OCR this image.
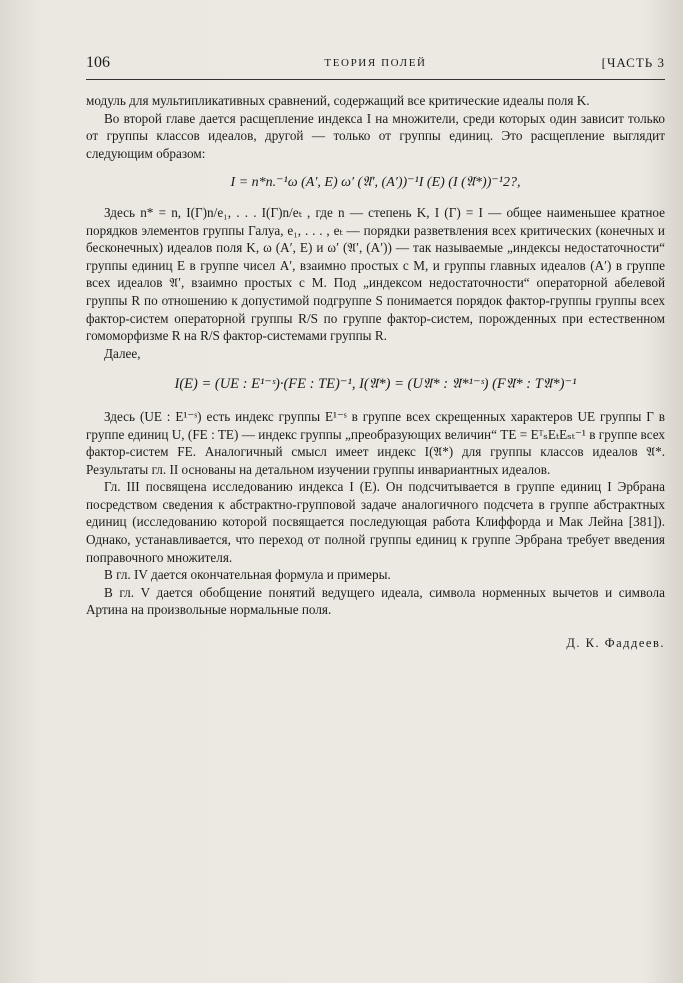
106	ТЕОРИЯ ПОЛЕЙ	[ЧАСТЬ 3

модуль для мультипликативных сравнений, содержащий все критические идеалы поля K.

Во второй главе дается расщепление индекса I на множители, среди которых один зависит только от группы классов идеалов, другой — только от группы единиц. Это расщепление выглядит следующим образом:

I = n*n.⁻¹ω (A′, E) ω′ (𝔄′, (A′))⁻¹I (E) (I (𝔄*))⁻¹2?,

Здесь n* = n, I(Γ)n/e₁, . . . I(Γ)n/eₜ , где n — степень K, I (Γ) = I — общее наименьшее кратное порядков элементов группы Галуа, e₁, . . . , eₜ — порядки разветвления всех критических (конечных и бесконечных) идеалов поля K, ω (A′, E) и ω′ (𝔄′, (A′)) — так называемые „индексы недостаточности“ группы единиц E в группе чисел A′, взаимно простых с M, и группы главных идеалов (A′) в группе всех идеалов 𝔄′, взаимно простых с M. Под „индексом недостаточности“ операторной абелевой группы R по отношению к допустимой подгруппе S понимается порядок фактор-группы группы всех фактор-систем операторной группы R/S по группе фактор-систем, порожденных при естественном гомоморфизме R на R/S фактор-системами группы R.

Далее,

I(E) = (UE : E¹⁻ˢ)·(FE : TE)⁻¹, I(𝔄*) = (U𝔄* : 𝔄*¹⁻ˢ) (F𝔄* : T𝔄*)⁻¹

Здесь (UE : E¹⁻ˢ) есть индекс группы E¹⁻ˢ в группе всех скрещенных характеров UE группы Γ в группе единиц U, (FE : TE) — индекс группы „преобразующих величин“ TE = EᵀₛEₜEₛₜ⁻¹ в группе всех фактор-систем FE. Аналогичный смысл имеет индекс I(𝔄*) для группы классов идеалов 𝔄*. Результаты гл. II основаны на детальном изучении группы инвариантных идеалов.

Гл. III посвящена исследованию индекса I (E). Он подсчитывается в группе единиц I Эрбрана посредством сведения к абстрактно-групповой задаче аналогичного подсчета в группе абстрактных единиц (исследованию которой посвящается последующая работа Клиффорда и Мак Лейна [381]). Однако, устанавливается, что переход от полной группы единиц к группе Эрбрана требует введения поправочного множителя.

В гл. IV дается окончательная формула и примеры.

В гл. V дается обобщение понятий ведущего идеала, символа норменных вычетов и символа Артина на произвольные нормальные поля.

Д. К. Фаддеев.
